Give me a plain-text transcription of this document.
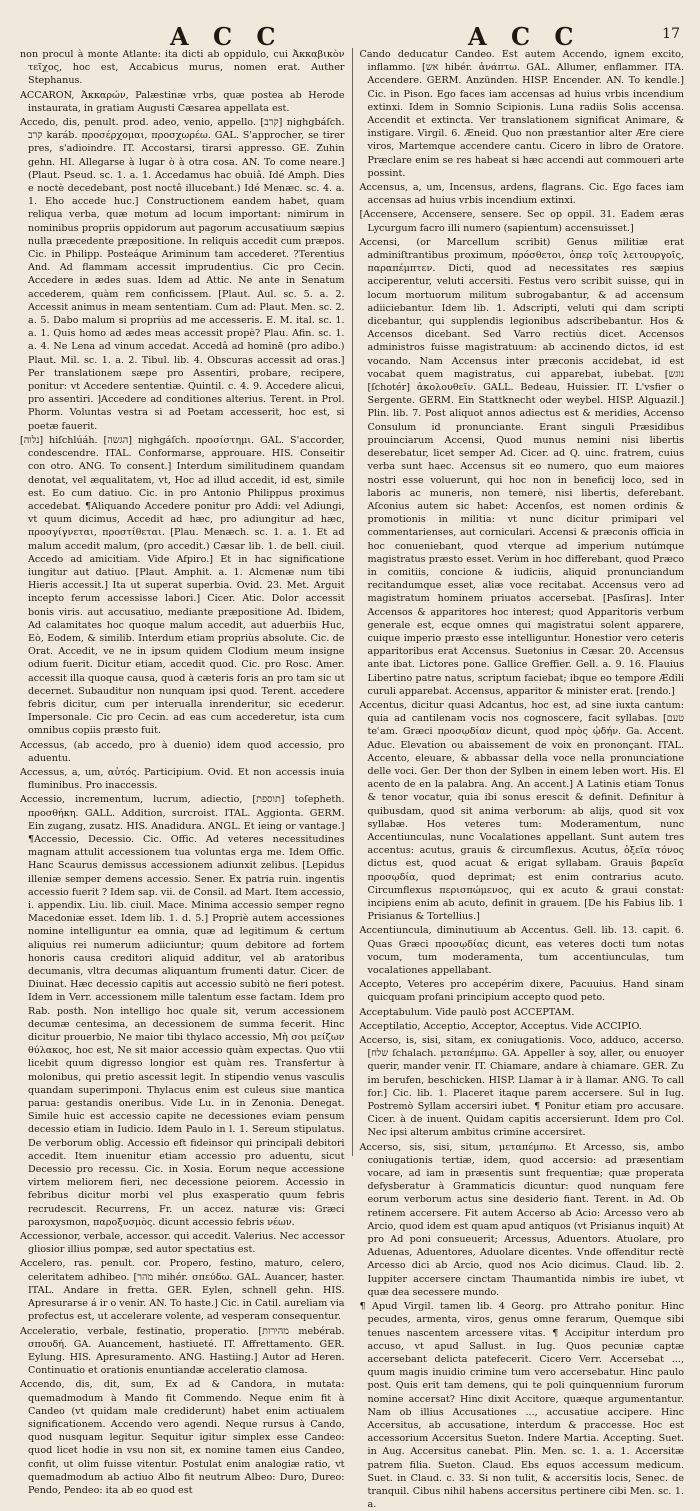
A C C	A C C	17

non procul à monte Atlante: ita dicti ab oppidulo, cui Ἀκκαβικὸν τεῖχος, hoc est, Accabicus murus, nomen erat. Auther Stephanus.

ACCARON, Ἀκκαρών, Palæstinæ vrbs, quæ postea ab Herode instaurata, in gratiam Augusti Cæsarea appellata est.

Accedo, dis, penult. prod. adeo, venio, appello. [קרב] nighgbáſch. קרב karáb. προσέρχομαι, προσχωρέω. GAL. S'approcher, se tirer pres, s'adioindre. IT. Accostarsi, tirarsi appresso. GE. Zuhin gehn. HI. Allegarse à lugar ò à otra cosa. AN. To come neare.] (Plaut. Pseud. sc. 1. a. 1. Accedamus hac obuiâ. Idé Amph. Dies e noctè decedebant, post noctê illucebant.) Idé Menæc. sc. 4. a. 1. Eho accede huc.] Constructionem eandem habet, quam reliqua verba, quæ motum ad locum important: nimirum in nominibus propriis oppidorum aut pagorum accusatiuum sæpius nulla præcedente præpositione. In reliquis accedit cum præpos. Cic. in Philipp. Posteáque Ariminum tam accederet. ?Terentius And. Ad flammam accessit imprudentius. Cic pro Cecin. Accedere in ædes suas. Idem ad Attic. Ne ante in Senatum accederem, quàm rem conficissem. [Plaut. Aul. sc. 5. a. 2. Accessit animus in meam sententiam. Cum ad: Plaut. Men. sc. 2. a. 5. Dabo malum si propriùs ad me accesseris. E. M. ital. sc. 1. a. 1. Quis homo ad ædes meas accessit propè? Plau. Afin. sc. 1. a. 4. Ne Lena ad vinum accedat. Accedâ ad hominē (pro adibo.) Plaut. Mil. sc. 1. a. 2. Tibul. lib. 4. Obscuras accessit ad oras.] Per translationem sæpe pro Assentiri, probare, recipere, ponitur: vt Accedere sententiæ. Quintil. c. 4. 9. Accedere alicui, pro assentiri. ]Accedere ad conditiones alterius. Terent. in Prol. Phorm. Voluntas vestra si ad Poetam accesserit, hoc est, si poetæ fauerit.

[נלוה] hiſchlúáh. [הגשה] nighgáſch. προσίστημι. GAL. S'accorder, condescendre. ITAL. Conformarse, approuare. HIS. Conseitir con otro. ANG. To consent.] Interdum similitudinem quandam denotat, vel æqualitatem, vt, Hoc ad illud accedit, id est, simile est. Eo cum datiuo. Cic. in pro Antonio Philippus proximus accedebat. ¶Aliquando Accedere ponitur pro Addi: vel Adiungi, vt quum dicimus, Accedit ad hæc, pro adiungitur ad hæc, προσγίγνεται, προστίθεται. [Plau. Menæch. sc. 1. a. 1. Et ad malum accedit malum, (pro accedit.) Cæsar lib. 1. de bell. ciuil. Accedo ad amicitiam. Vide Afpiro.] Et in hac significatione iungitur aut datiuo. [Plaut. Amphit. a. 1. Alcmenæ num tibi Hieris accessit.] Ita ut superat superbia. Ovid. 23. Met. Arguit incepto ferum accessisse labori.] Cicer. Atic. Dolor accessit bonis viris. aut accusatiuo, mediante præpositione Ad. Ibidem, Ad calamitates hoc quoque malum accedit, aut aduerbiis Huc, Eò, Eodem, & similib. Interdum etiam propriùs absolute. Cic. de Orat. Accedit, ve ne in ipsum quidem Clodium meum insigne odium fuerit. Dicitur etiam, accedit quod. Cic. pro Rosc. Amer. accessit illa quoque causa, quod à cæteris foris an pro tam sic ut decernet. Subauditur non nunquam ipsi quod. Terent. accedere febris dicitur, cum per interualla inrenderitur, sic ecederur. Impersonale. Cic pro Cecin. ad eas cum accederetur, ista cum omnibus copiis præsto fuit.

Accessus, (ab accedo, pro à duenio) idem quod accessio, pro aduentu.

Accessus, a, um, αὐτός. Participium. Ovid. Et non accessis inuia fluminibus. Pro inaccessis.

Accessio, incrementum, lucrum, adiectio, [תוספת] toſepheth. προσθήκη. GALL. Addition, surcroist. ITAL. Aggionta. GERM. Ein zugang, zusatz. HIS. Anadidura. ANGL. Et ieing or vantage.] ¶Accessio, Decessio. Cic. Offic. Ad veteres necessitudines magnam attulit accessionem tua voluntas erga me. Idem Offic. Hanc Scaurus demissus accessionem adiunxit zelibus. [Lepidus illeniæ semper demens accessio. Sener. Ex patria ruin. ingentis accessio fuerit ? Idem sap. vii. de Consil. ad Mart. Item accessio, i. appendix. Liu. lib. ciuil. Mace. Minima accessio semper regno Macedoniæ esset. Idem lib. 1. d. 5.] Propriè autem accessiones nomine intelliguntur ea omnia, quæ ad legitimum & certum aliquius rei numerum adiiciuntur; quum debitore ad fortem honoris causa creditori aliquid additur, vel ab aratoribus decumanis, vltra decumas aliquantum frumenti datur. Cicer. de Diuinat. Hæc decessio capitis aut accessio subitò ne fieri potest. Idem in Verr. accessionem mille talentum esse factam. Idem pro Rab. posth. Non intelligo hoc quale sit, verum accessionem decumæ centesima, an decessionem de summa fecerit. Hinc dicitur prouerbio, Ne maior tibi thylaco accessio, Μὴ σοι μείζων θύλακος, hoc est, Ne sit maior accessio quàm expectas. Quo vtii licebit quum digresso longior est quàm res. Transfertur à molonibus, qui pretio ascessit legit. In stipendio venus vasculis quandam superimponi. Thylacus enim est culeus siue mantica parua: gestandis oneribus. Vide Lu. in in Zenonia. Denegat. Simile huic est accessio capite ne decessiones eviam pensum decessio etiam in Iudicio. Idem Paulo in l. 1. Sereum stipulatus. De verborum oblig. Accessio eft fideinsor qui principali debitori accedit. Item inuenitur etiam accessio pro aduentu, sicut Decessio pro recessu. Cic. in Xosia. Eorum neque accessione virtem meliorem fieri, nec decessione peiorem. Accessio in febribus dicitur morbi vel plus exasperatio quum febris recrudescit. Recurrens, Fr. un accez. naturæ vis: Græci paroxysmon, παροξυσμὸς. dicunt accessio febris νέων.

Accessionor, verbale, accessor. qui accedit. Valerius. Nec accessor gliosior illius pompæ, sed autor spectatius est.

Accelero, ras. penult. cor. Propero, festino, maturo, celero, celeritatem adhibeo. [מהר mihér. σπεύδω. GAL. Auancer, haster. ITAL. Andare in fretta. GER. Eylen, schnell gehn. HIS. Apresurarse á ir o venir. AN. To haste.] Cic. in Catil. aureliam via profectus est, ut accelerare volente, ad vesperam consequentur.

Acceleratio, verbale, festinatio, properatio. [מהירות mebérab. σπουδή. GA. Auancement, hastiueté. IT. Affrettamento. GER. Eylung. HIS. Apresuramento. ANG. Hastiing.] Autor ad Heren. Continuatio et orationis enuntiandæ acceleratio clamosa.

Accendo, dis, dit, sum, Ex ad & Candora, in mutata: quemadmodum à Mando fit Commendo. Neque enim fit à Candeo (vt quidam male crediderunt) habet enim actiualem significationem. Accendo vero agendi. Neque rursus à Cando, quod nusquam legitur. Sequitur igitur simplex esse Candeo: quod licet hodie in vsu non sit, ex nomine tamen eius Candeo, confit, ut olim fuisse vitentur. Postulat enim analogiæ ratio, vt quemadmodum ab actiuo Albo fit neutrum Albeo: Duro, Dureo: Pendo, Pendeo: ita ab eo quod est

Cando deducatur Candeo. Est autem Accendo, ignem excito, inflammo. [אש hibér. ἀνάπτω. GAL. Allumer, enflammer. ITA. Accendere. GERM. Anzünden. HISP. Encender. AN. To kendle.] Cic. in Pison. Ego faces iam accensas ad huius vrbis incendium extinxi. Idem in Somnio Scipionis. Luna radiis Solis accensa. Accendit et extincta. Ver translationem significat Animare, & instigare. Virgil. 6. Æneid. Quo non præstantior alter Ære ciere viros, Martemque accendere cantu. Cicero in libro de Oratore. Præclare enim se res habeat si hæc accendi aut commoueri arte possint.

Accensus, a, um, Incensus, ardens, flagrans. Cic. Ego faces iam accensas ad huius vrbis incendium extinxi.

[Accensere, Accensere, sensere. Sec op oppil. 31. Eadem æras Lycurgum facro illi numero (sapientum) accensuisset.]

Accensi, (or Marcellum scribit) Genus militiæ erat adminiſtrantibus proximum, πρόσθετοι, ὁπερ τοῖς λειτουργοῖς, παραπέμπτεν. Dicti, quod ad necessitates res sæpius acciperentur, veluti accersiti. Festus vero scribit suisse, qui in locum mortuorum militum subrogabantur, & ad accensum adiiciebantur. Idem lib. 1. Adscripti, veluti qui dam scripti dicebantur, qui supplendis legionibus adscribebantur. Hos & Accensos dicebant. Sed Varro rectiùs dicet. Accensos administros fuisse magistratuum: ab accinendo dictos, id est vocando. Nam Accensus inter præconis accidebat, id est vocabat quem magistratus, cui apparebat, iubebat. [נוגש [ſchotér] ἀκολουθεῖν. GALL. Bedeau, Huissier. IT. L'vsfier o Sergente. GERM. Ein Stattknecht oder weybel. HISP. Alguazil.] Plin. lib. 7. Post aliquot annos adiectus est & meridies, Accenso Consulum id pronunciante. Erant singuli Præsidibus prouinciarum Accensi, Quod munus nemini nisi libertis deserebatur, licet semper Ad. Cicer. ad Q. uinc. fratrem, cuius verba sunt haec. Accensus sit eo numero, quo eum maiores nostri esse voluerunt, qui hoc non in beneficij loco, sed in laboris ac muneris, non temerè, nisi libertis, deferebant. Aſconius autem sic habet: Accenſos, est nomen ordinis & promotionis in militia: vt nunc dicitur primipari vel commentarienses, aut corniculari. Accensi & præconis officia in hoc conueniebant, quod vterque ad imperium nutúmque magistratus præsto esset. Verùm in hoc differebant, quod Præco in comitiis, concione & iudiciis, aliquid pronunciandum recitandumque esset, aliæ voce recitabat. Accensus vero ad magistratum hominem priuatos accersebat. [Pasſiras]. Inter Accensos & apparitores hoc interest; quod Apparitoris verbum generale est, ecque omnes qui magistratui solent apparere, cuique imperio præsto esse intelliguntur. Honestior vero ceteris apparitoribus erat Accensus. Suetonius in Cæsar. 20. Accensus ante ibat. Lictores pone. Gallice Greffier. Gell. a. 9. 16. Flauius Libertino patre natus, scriptum faciebat; ibque eo tempore Ædili curuli apparebat. Accensus, apparitor & minister erat. [rendo.]

Accentus, dicitur quasi Adcantus, hoc est, ad sine iuxta cantum: quia ad cantilenam vocis nos cognoscere, facit syllabas. [טעם teʿam. Græci προσῳδίαν dicunt, quod πρὸς ᾠδήν. Ga. Accent. Aduc. Elevation ou abaissement de voix en prononçant. ITAL. Accento, eleuare, & abbassar della voce nella pronunciatione delle voci. Ger. Der thon der Sylben in einem leben wort. His. El acento de en la palabra. Ang. An accent.] A Latinis etiam Tonus & tenor vocatur, quia ibi sonus erescit & definit. Definitur à quibusdam, quod sit anima verborum: ab alijs, quod sit vox syllabæ. Hos veteres tum: Moderamentum, nunc Accentiunculas, nunc Vocalationes appellant. Sunt autem tres accentus: acutus, grauis & circumflexus. Acutus, ὀξεῖα τόνος dictus est, quod acuat & erigat syllabam. Grauis βαρεῖα προσῳδία, quod deprimat; est enim contrarius acuto. Circumflexus περισπώμενος, qui ex acuto & graui constat: incipiens enim ab acuto, definit in grauem. [De his Fabius lib. 1 Prisianus & Tortellius.]

Accentiuncula, diminutiuum ab Accentus. Gell. lib. 13. capit. 6. Quas Græci προσῳδίας dicunt, eas veteres docti tum notas vocum, tum moderamenta, tum accentiunculas, tum vocalationes appellabant.

Accepto, Veteres pro accepérim dixere, Pacuuius. Hand sinam quicquam profani principium accepto quod peto.

Acceptabulum. Vide paulò post ACCEPTAM.

Acceptilatio, Acceptio, Acceptor, Acceptus. Vide ACCIPIO.

Accerso, is, sisi, sitam, ex coniugationis. Voco, adduco, accerso. [שלח ſchalach. μεταπέμπω. GA. Appeller à soy, aller, ou enuoyer querir, mander venir. IT. Chiamare, andare à chiamare. GER. Zu im berufen, beschicken. HISP. Llamar à ir à llamar. ANG. To call for.] Cic. lib. 1. Placeret itaque parem accersere. Sul in Iug. Postremò Syllam accersiri iubet. ¶ Ponitur etiam pro accusare. Cicer. à de inuent. Quidam capitis accersierunt. Idem pro Col. Nec ipsi alterum ambitus crimine accersiret.

Accerso, sis, sisi, situm, μεταπέμπω. Et Arcesso, sis, ambo coniugationis tertiæ, idem, quod accersio: ad præsentiam vocare, ad iam in præsentis sunt frequentiæ; quæ properata defysberatur à Grammaticis dicuntur: quod nunquam fere eorum verborum actus sine desiderio fiant. Terent. in Ad. Ob retinem accersere. Fit autem Accerso ab Acio: Arcesso vero ab Arcio, quod idem est quam apud antiquos (vt Prisianus inquit) At pro Ad poni consueuerit; Arcessus, Aduentors. Atuolare, pro Aduenas, Aduentores, Aduolare dicentes. Vnde offenditur rectè Arcesso dici ab Arcio, quod nos Acio dicimus. Claud. lib. 2. Iuppiter accersere cinctam Thaumantida nimbis ire iubet, vt quæ dea secessere mundo.

¶ Apud Virgil. tamen lib. 4 Georg. pro Attraho ponitur. Hinc pecudes, armenta, viros, genus omne ferarum, Quemque sibi tenues nascentem arcessere vitas. ¶ Accipitur interdum pro accuso, vt apud Sallust. in Iug. Quos pecuniæ captæ accersebant delicta patefecerit. Cicero Verr. Accersebat ..., quum magis inuidio crimine tum vero accersebatur. Hinc paulo post. Quis erit tam demens, qui te poli quinquennium furorum nomine accersat? Hinc dixit Accitore, quæque argumentantur. Nam ob illius Accusationes ..., accusatiue accipere. Hinc Accersitus, ab accusatione, interdum & praccesse. Hoc est accessorium Accersitus Sueton. Indere Martia. Accepting. Suet. in Aug. Accersitus canebat. Plin. Men. sc. 1. a. 1. Accersitæ patrem filia. Sueton. Claud. Ebs equos accessum medicum. Suet. in Claud. c. 33. Si non tulit, & accersitis locis, Senec. de tranquil. Cibus nihil habens accersitus pertinere cibi Men. sc. 1. a.
